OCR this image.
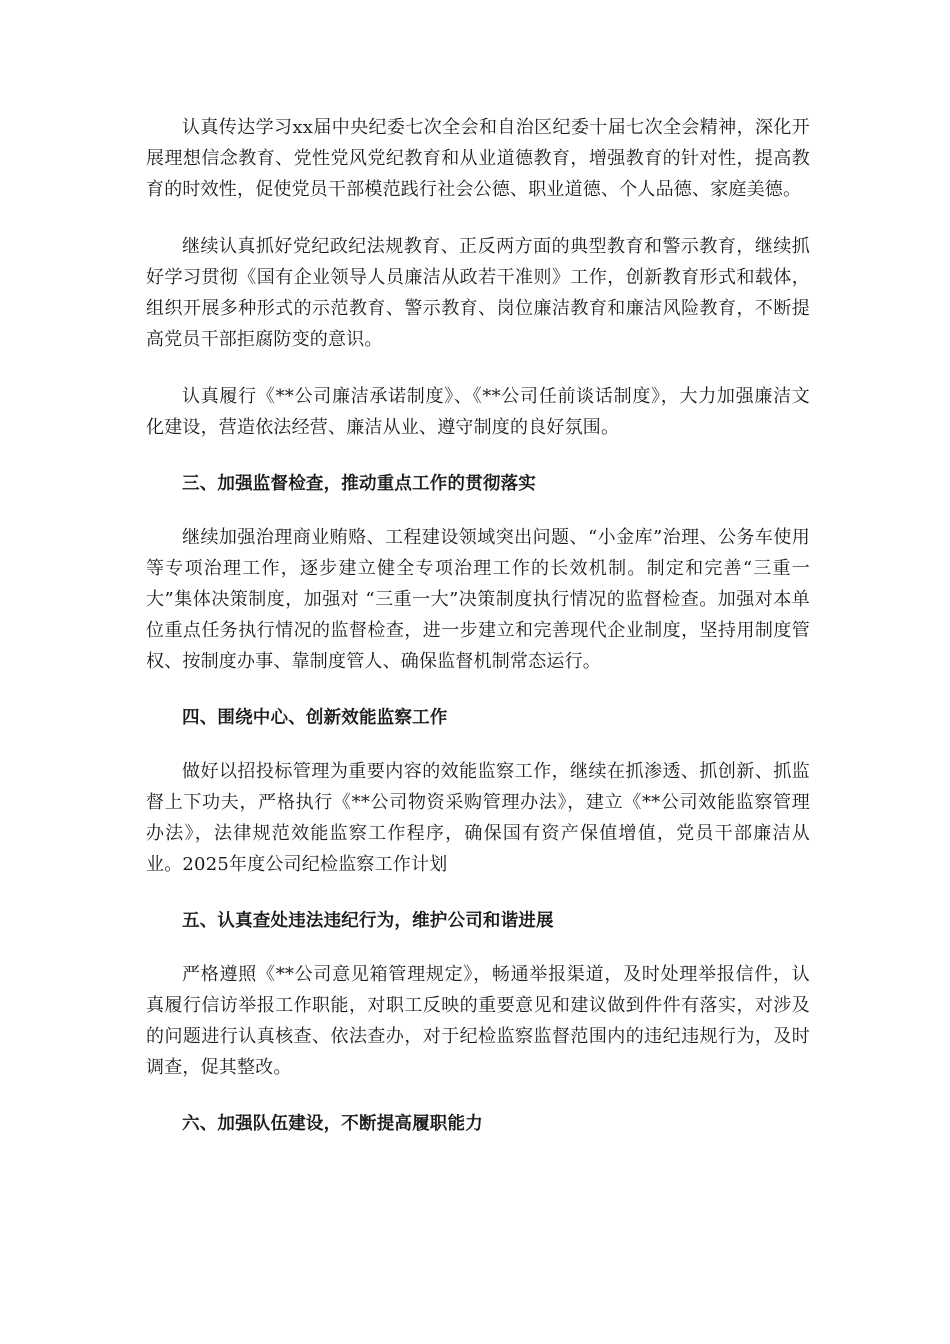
认真传达学习xx届中央纪委七次全会和自治区纪委十届七次全会精神，深化开展理想信念教育、党性党风党纪教育和从业道德教育，增强教育的针对性，提高教育的时效性，促使党员干部模范践行社会公德、职业道德、个人品德、家庭美德。

继续认真抓好党纪政纪法规教育、正反两方面的典型教育和警示教育，继续抓好学习贯彻《国有企业领导人员廉洁从政若干准则》工作，创新教育形式和载体，组织开展多种形式的示范教育、警示教育、岗位廉洁教育和廉洁风险教育，不断提高党员干部拒腐防变的意识。

认真履行《**公司廉洁承诺制度》、《**公司任前谈话制度》，大力加强廉洁文化建设，营造依法经营、廉洁从业、遵守制度的良好氛围。

三、加强监督检查，推动重点工作的贯彻落实

继续加强治理商业贿赂、工程建设领域突出问题、“小金库”治理、公务车使用等专项治理工作，逐步建立健全专项治理工作的长效机制。制定和完善“三重一大”集体决策制度，加强对 “三重一大”决策制度执行情况的监督检查。加强对本单位重点任务执行情况的监督检查，进一步建立和完善现代企业制度，坚持用制度管权、按制度办事、靠制度管人、确保监督机制常态运行。

四、围绕中心、创新效能监察工作

做好以招投标管理为重要内容的效能监察工作，继续在抓渗透、抓创新、抓监督上下功夫，严格执行《**公司物资采购管理办法》，建立《**公司效能监察管理办法》，法律规范效能监察工作程序，确保国有资产保值增值，党员干部廉洁从业。2025年度公司纪检监察工作计划

五、认真查处违法违纪行为，维护公司和谐进展

严格遵照《**公司意见箱管理规定》，畅通举报渠道，及时处理举报信件，认真履行信访举报工作职能，对职工反映的重要意见和建议做到件件有落实，对涉及的问题进行认真核查、依法查办，对于纪检监察监督范围内的违纪违规行为，及时调查，促其整改。

六、加强队伍建设，不断提高履职能力
